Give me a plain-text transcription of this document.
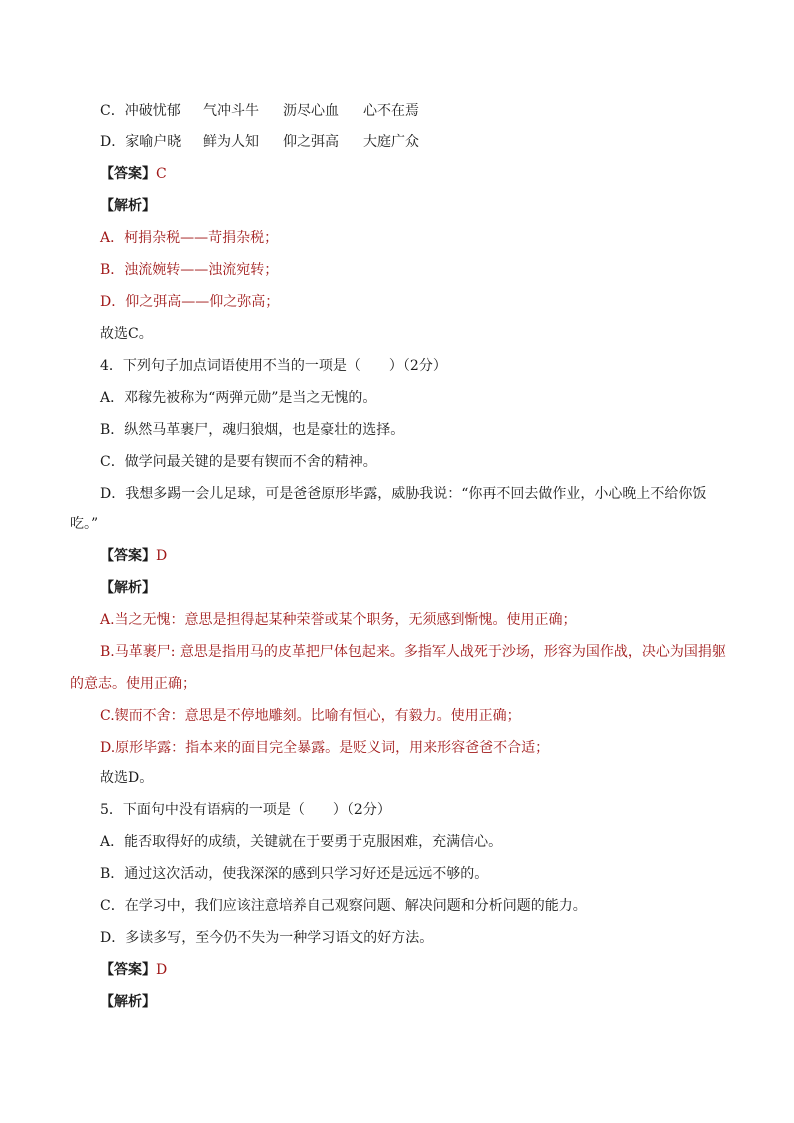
C．冲破忧郁 气冲斗牛 沥尽心血 心不在焉
D．家喻户晓 鲜为人知 仰之弭高 大庭广众
【答案】C
【解析】
A．柯捐杂税——苛捐杂税；
B．浊流婉转——浊流宛转；
D．仰之弭高——仰之弥高；
故选C。
4．下列句子加点词语使用不当的一项是（　　）（2分）
A．邓稼先被称为“两弹元勋”是当之无愧的。
B．纵然马革裹尸，魂归狼烟，也是豪壮的选择。
C．做学问最关键的是要有锲而不舍的精神。
D．我想多踢一会儿足球，可是爸爸原形毕露，威胁我说：“你再不回去做作业，小心晚上不给你饭
吃。”
【答案】D
【解析】
A.当之无愧：意思是担得起某种荣誉或某个职务，无须感到惭愧。使用正确；
B.马革裹尸: 意思是指用马的皮革把尸体包起来。多指军人战死于沙场，形容为国作战，决心为国捐躯
的意志。使用正确；
C.锲而不舍：意思是不停地雕刻。比喻有恒心，有毅力。使用正确；
D.原形毕露：指本来的面目完全暴露。是贬义词，用来形容爸爸不合适；
故选D。
5．下面句中没有语病的一项是（　　）（2分）
A．能否取得好的成绩，关键就在于要勇于克服困难，充满信心。
B．通过这次活动，使我深深的感到只学习好还是远远不够的。
C．在学习中，我们应该注意培养自己观察问题、解决问题和分析问题的能力。
D．多读多写，至今仍不失为一种学习语文的好方法。
【答案】D
【解析】
